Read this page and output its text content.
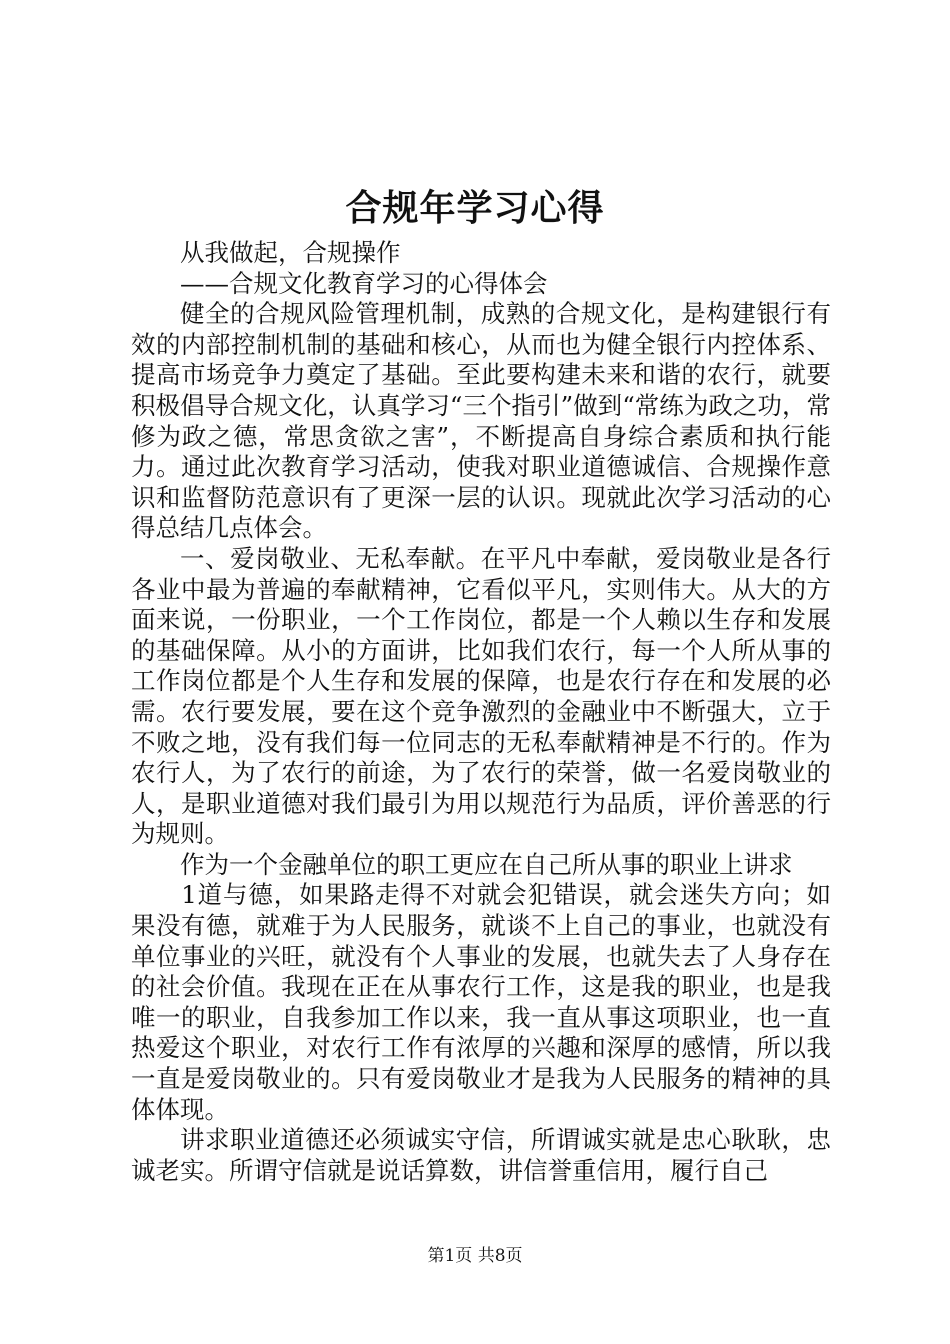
合规年学习心得

从我做起，合规操作

——合规文化教育学习的心得体会

健全的合规风险管理机制，成熟的合规文化，是构建银行有效的内部控制机制的基础和核心，从而也为健全银行内控体系、提高市场竞争力奠定了基础。至此要构建未来和谐的农行，就要积极倡导合规文化，认真学习“三个指引”做到“常练为政之功，常修为政之德，常思贪欲之害”，不断提高自身综合素质和执行能力。通过此次教育学习活动，使我对职业道德诚信、合规操作意识和监督防范意识有了更深一层的认识。现就此次学习活动的心得总结几点体会。

一、爱岗敬业、无私奉献。在平凡中奉献，爱岗敬业是各行各业中最为普遍的奉献精神，它看似平凡，实则伟大。从大的方面来说，一份职业，一个工作岗位，都是一个人赖以生存和发展的基础保障。从小的方面讲，比如我们农行，每一个人所从事的工作岗位都是个人生存和发展的保障，也是农行存在和发展的必需。农行要发展，要在这个竞争激烈的金融业中不断强大，立于不败之地，没有我们每一位同志的无私奉献精神是不行的。作为农行人，为了农行的前途，为了农行的荣誉，做一名爱岗敬业的人，是职业道德对我们最引为用以规范行为品质，评价善恶的行为规则。

作为一个金融单位的职工更应在自己所从事的职业上讲求

1道与德，如果路走得不对就会犯错误，就会迷失方向；如果没有德，就难于为人民服务，就谈不上自己的事业，也就没有单位事业的兴旺，就没有个人事业的发展，也就失去了人身存在的社会价值。我现在正在从事农行工作，这是我的职业，也是我唯一的职业，自我参加工作以来，我一直从事这项职业，也一直热爱这个职业，对农行工作有浓厚的兴趣和深厚的感情，所以我一直是爱岗敬业的。只有爱岗敬业才是我为人民服务的精神的具体体现。

讲求职业道德还必须诚实守信，所谓诚实就是忠心耿耿，忠诚老实。所谓守信就是说话算数，讲信誉重信用，履行自己

第1页 共8页
